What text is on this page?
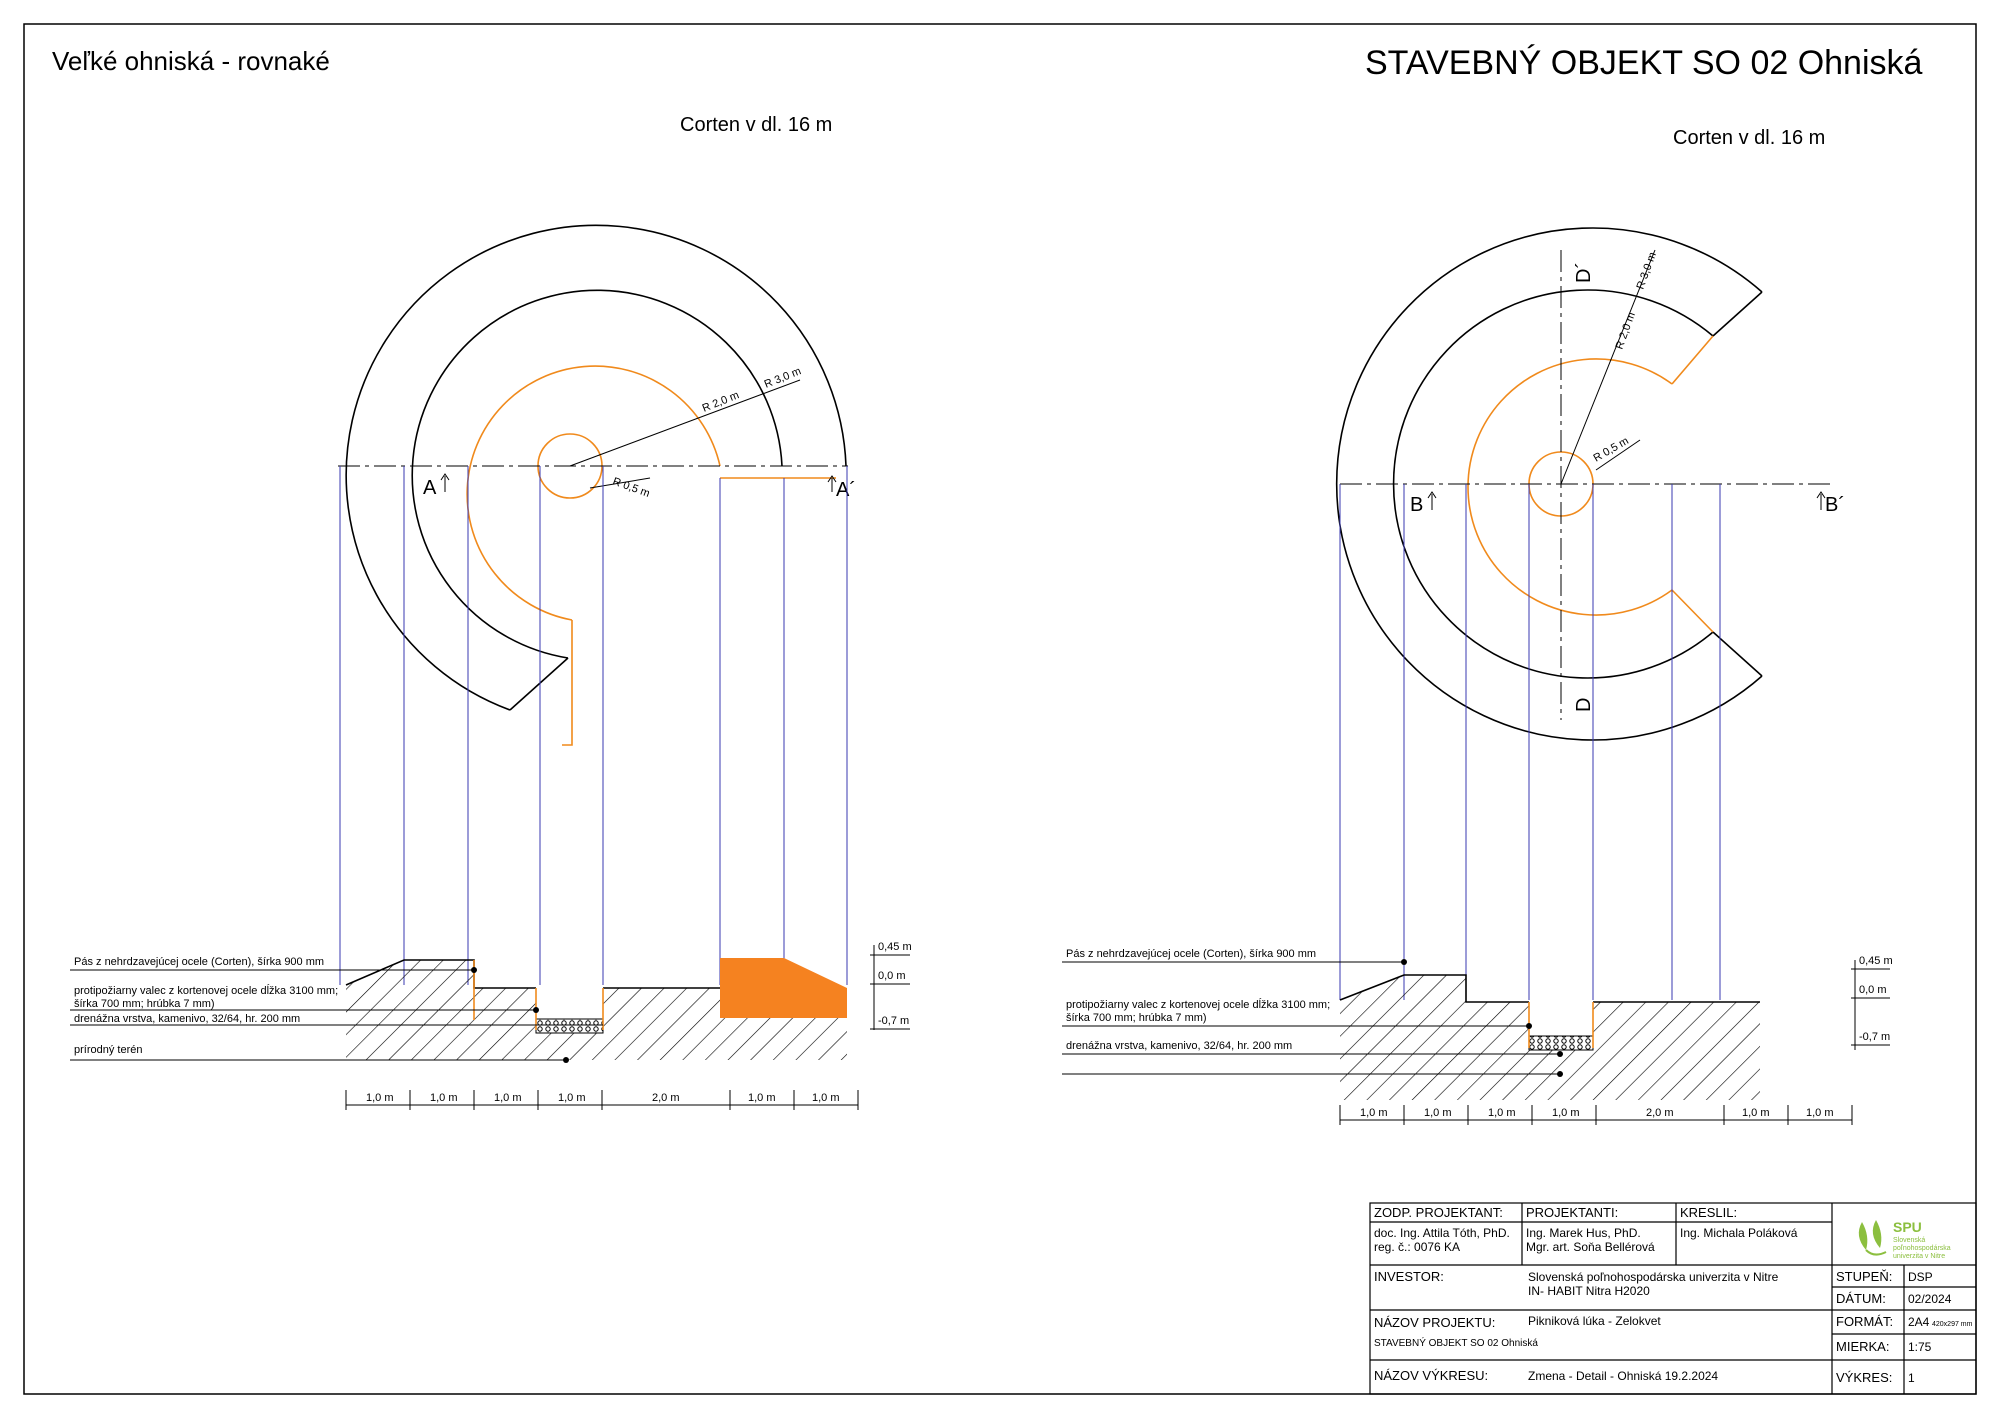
Veľké ohniská - rovnaké	STAVEBNÝ OBJEKT SO 02 Ohniská
Corten v dl. 16 m
R 2,0 m
R 3,0 m
R 0,5 m
A	A´
Pás z nehrdzavejúcej ocele (Corten), šírka 900 mm
protipožiarny valec z kortenovej ocele dĺžka 3100 mm;
šírka 700 mm; hrúbka 7 mm)
drenážna vrstva, kamenivo, 32/64, hr. 200 mm
prírodný terén
0,45 m
0,0 m
-0,7 m
1,0 m	1,0 m	1,0 m	1,0 m	2,0 m	1,0 m	1,0 m
Corten v dl. 16 m
R 3,0 m
R 2,0 m
R 0,5 m
B	B´
D´
D
Pás z nehrdzavejúcej ocele (Corten), šírka 900 mm
protipožiarny valec z kortenovej ocele dĺžka 3100 mm;
šírka 700 mm; hrúbka 7 mm)
drenážna vrstva, kamenivo, 32/64, hr. 200 mm
0,45 m
0,0 m
-0,7 m
1,0 m	1,0 m	1,0 m	1,0 m	2,0 m	1,0 m	1,0 m
ZODP. PROJEKTANT:
doc. Ing. Attila Tóth, PhD.
reg. č.: 0076 KA
PROJEKTANTI:
Ing. Marek Hus, PhD.
Mgr. art. Soňa Bellérová
KRESLIL:
Ing. Michala Poláková	SPU
Slovenská
poľnohospodárska
univerzita v Nitre
INVESTOR:	Slovenská poľnohospodárska univerzita v Nitre
IN- HABIT Nitra H2020
STUPEŇ: DSP
DÁTUM: 02/2024
NÁZOV PROJEKTU:	Pikniková lúka - Zelokvet
STAVEBNÝ OBJEKT SO 02 Ohniská
FORMÁT: 2A4 420x297 mm
MIERKA: 1:75
NÁZOV VÝKRESU:	Zmena - Detail - Ohniská 19.2.2024	VÝKRES: 1
